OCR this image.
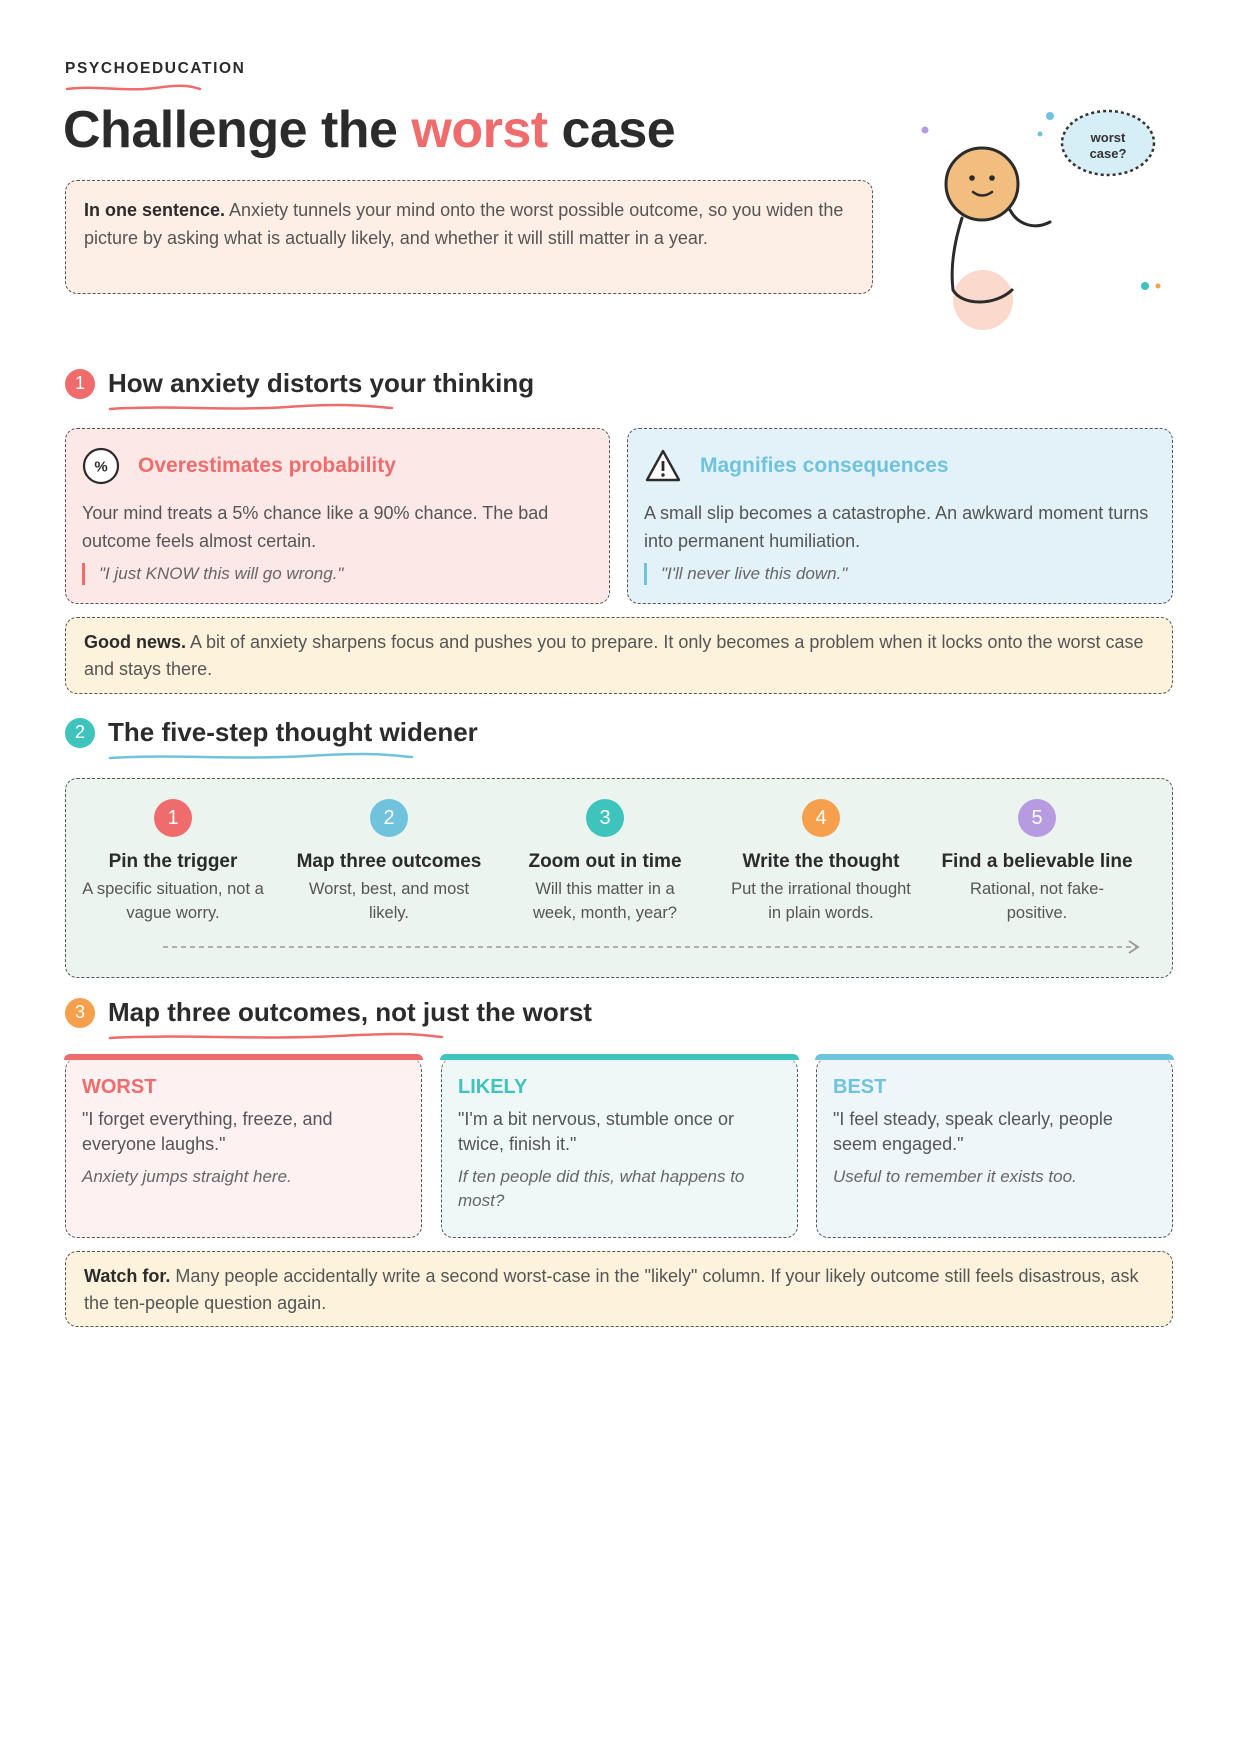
PSYCHOEDUCATION
Challenge the worst case
In one sentence. Anxiety tunnels your mind onto the worst possible outcome, so you widen the picture by asking what is actually likely, and whether it will still matter in a year.
worst
case?
1 How anxiety distorts your thinking
% Overestimates probability
Your mind treats a 5% chance like a 90% chance. The bad outcome feels almost certain.
"I just KNOW this will go wrong."
Magnifies consequences
A small slip becomes a catastrophe. An awkward moment turns into permanent humiliation.
"I'll never live this down."
Good news. A bit of anxiety sharpens focus and pushes you to prepare. It only becomes a problem when it locks onto the worst case and stays there.
2 The five-step thought widener
1
Pin the trigger
A specific situation, not a vague worry.
2
Map three outcomes
Worst, best, and most likely.
3
Zoom out in time
Will this matter in a week, month, year?
4
Write the thought
Put the irrational thought in plain words.
5
Find a believable line
Rational, not fake-positive.
3 Map three outcomes, not just the worst
WORST
"I forget everything, freeze, and everyone laughs."
Anxiety jumps straight here.
LIKELY
"I'm a bit nervous, stumble once or twice, finish it."
If ten people did this, what happens to most?
BEST
"I feel steady, speak clearly, people seem engaged."
Useful to remember it exists too.
Watch for. Many people accidentally write a second worst-case in the "likely" column. If your likely outcome still feels disastrous, ask the ten-people question again.
